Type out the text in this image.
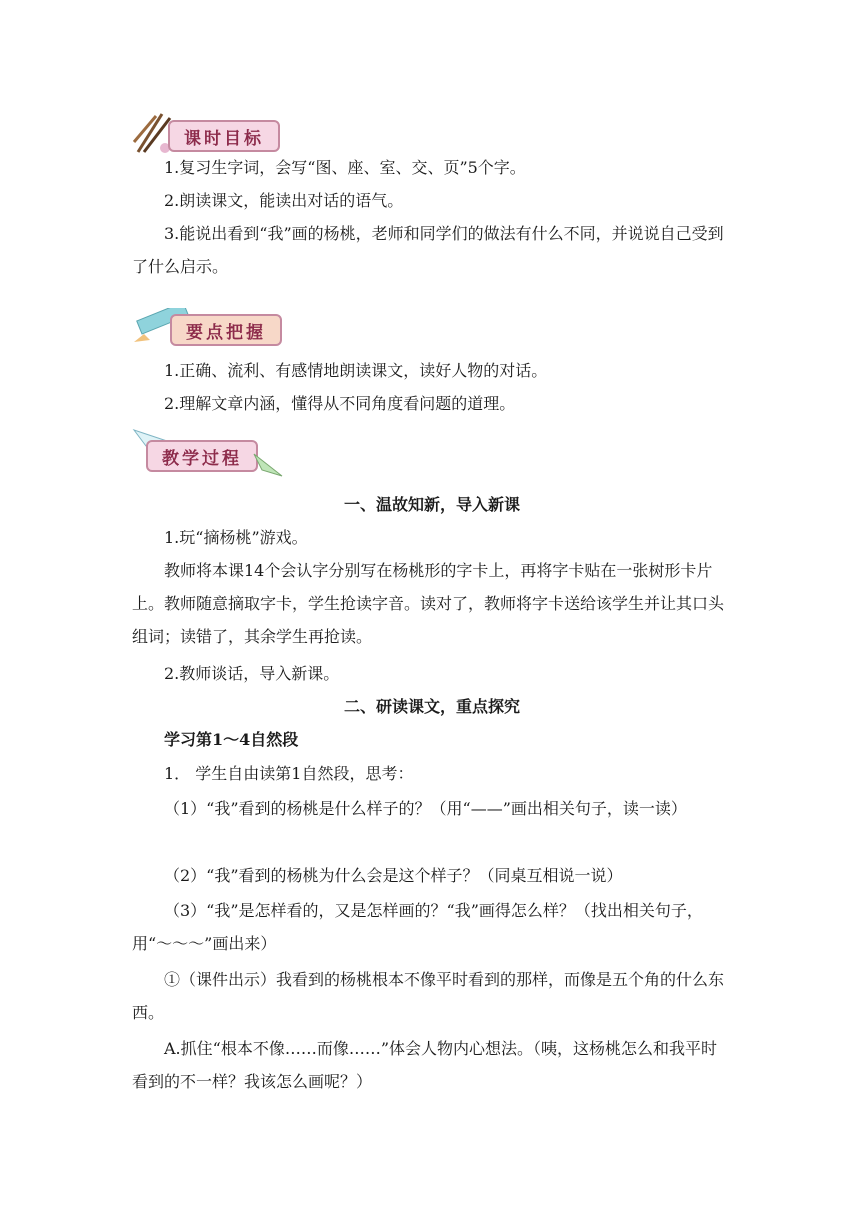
课时目标

1.复习生字词，会写“图、座、室、交、页”5个字。

2.朗读课文，能读出对话的语气。

3.能说出看到“我”画的杨桃，老师和同学们的做法有什么不同，并说说自己受到了什么启示。

要点把握

1.正确、流利、有感情地朗读课文，读好人物的对话。

2.理解文章内涵，懂得从不同角度看问题的道理。

教学过程
一、温故知新，导入新课

1.玩“摘杨桃”游戏。

教师将本课14个会认字分别写在杨桃形的字卡上，再将字卡贴在一张树形卡片上。教师随意摘取字卡，学生抢读字音。读对了，教师将字卡送给该学生并让其口头组词；读错了，其余学生再抢读。

2.教师谈话，导入新课。

二、研读课文，重点探究

学习第1～4自然段

1． 学生自由读第1自然段，思考：

（1）“我”看到的杨桃是什么样子的？（用“——”画出相关句子，读一读）

（2）“我”看到的杨桃为什么会是这个样子？（同桌互相说一说）

（3）“我”是怎样看的，又是怎样画的？“我”画得怎么样？（找出相关句子，用“～～～”画出来）

①（课件出示）我看到的杨桃根本不像平时看到的那样，而像是五个角的什么东西。

A.抓住“根本不像……而像……”体会人物内心想法。（咦，这杨桃怎么和我平时看到的不一样？我该怎么画呢？）
